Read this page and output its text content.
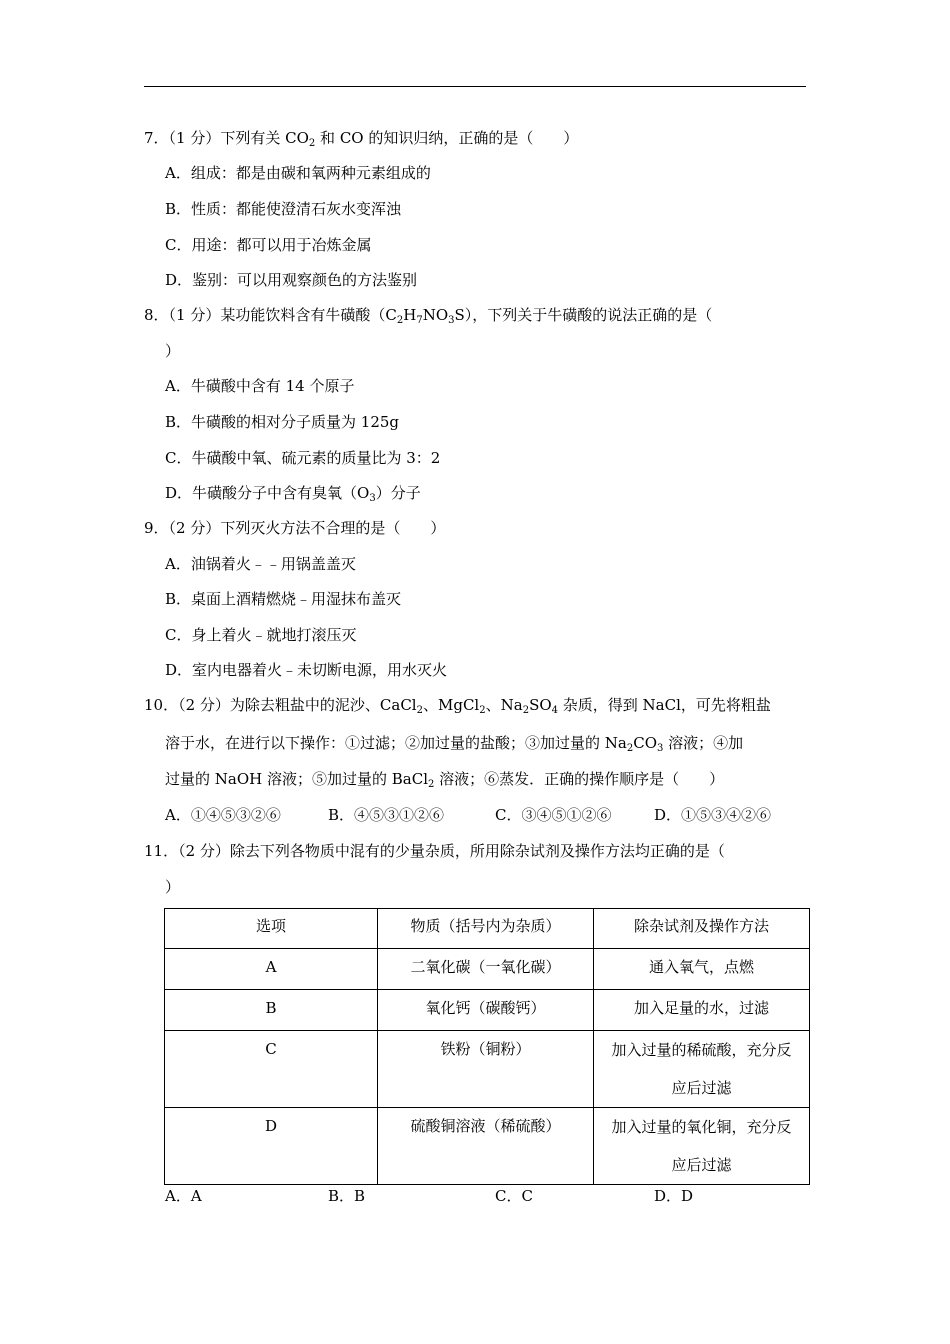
7．（1 分）下列有关 $CO_2$ 和 CO 的知识归纳，正确的是（　　）
A．组成：都是由碳和氧两种元素组成的
B．性质：都能使澄清石灰水变浑浊
C．用途：都可以用于冶炼金属
D．鉴别：可以用观察颜色的方法鉴别
8．（1 分）某功能饮料含有牛磺酸$(C_2H_7NO_3S)$，下列关于牛磺酸的说法正确的是（
）
A．牛磺酸中含有 14 个原子
B．牛磺酸的相对分子质量为 125g
C．牛磺酸中氧、硫元素的质量比为 3：2
D．牛磺酸分子中含有臭氧$(O_3)$分子
9．（2 分）下列灭火方法不合理的是（　　）
A．油锅着火﹣﹣用锅盖盖灭
B．桌面上酒精燃烧﹣用湿抹布盖灭
C．身上着火﹣就地打滚压灭
D．室内电器着火﹣未切断电源，用水灭火
10．（2 分）为除去粗盐中的泥沙、CaCl$_2$、MgCl$_2$、$Na_2SO_4$ 杂质，得到 NaCl，可先将粗盐
溶于水，在进行以下操作：①过滤；②加过量的盐酸；③加过量的 $Na_2CO_3$ 溶液；④加
过量的 NaOH 溶液；⑤加过量的 BaCl$_2$ 溶液；⑥蒸发．正确的操作顺序是（　　）
A．①④⑤③②⑥	B．④⑤③①②⑥	C．③④⑤①②⑥	D．①⑤③④②⑥
11．（2 分）除去下列各物质中混有的少量杂质，所用除杂试剂及操作方法均正确的是（
）
选项	物质（括号内为杂质）	除杂试剂及操作方法
A	二氧化碳（一氧化碳）	通入氧气，点燃
B	氧化钙（碳酸钙）	加入足量的水，过滤
C	铁粉（铜粉）	加入过量的稀硫酸，充分反
应后过滤

D	硫酸铜溶液（稀硫酸）	加入过量的氧化铜，充分反
应后过滤
A．A	B．B	C．C	D．D
